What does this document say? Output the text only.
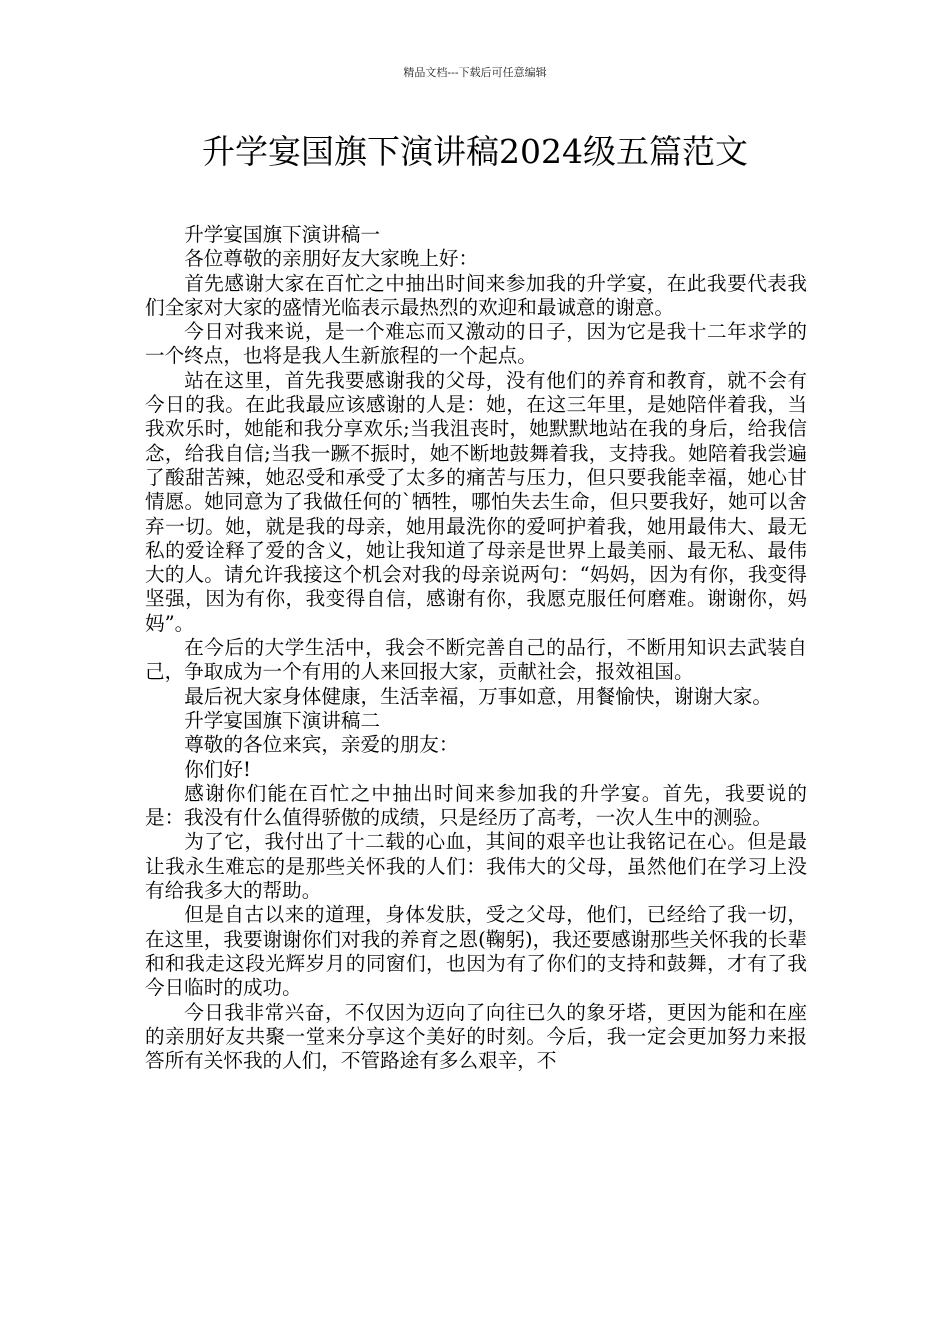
精品文档---下载后可任意编辑
升学宴国旗下演讲稿2024级五篇范文

升学宴国旗下演讲稿一

各位尊敬的亲朋好友大家晚上好：

首先感谢大家在百忙之中抽出时间来参加我的升学宴，在此我要代表我们全家对大家的盛情光临表示最热烈的欢迎和最诚意的谢意。

今日对我来说，是一个难忘而又激动的日子，因为它是我十二年求学的一个终点，也将是我人生新旅程的一个起点。

站在这里，首先我要感谢我的父母，没有他们的养育和教育，就不会有今日的我。在此我最应该感谢的人是：她，在这三年里，是她陪伴着我，当我欢乐时，她能和我分享欢乐;当我沮丧时，她默默地站在我的身后，给我信念，给我自信;当我一蹶不振时，她不断地鼓舞着我，支持我。她陪着我尝遍了酸甜苦辣，她忍受和承受了太多的痛苦与压力，但只要我能幸福，她心甘情愿。她同意为了我做任何的`牺牲，哪怕失去生命，但只要我好，她可以舍弃一切。她，就是我的母亲，她用最洗你的爱呵护着我，她用最伟大、最无私的爱诠释了爱的含义，她让我知道了母亲是世界上最美丽、最无私、最伟大的人。请允许我接这个机会对我的母亲说两句：“妈妈，因为有你，我变得坚强，因为有你，我变得自信，感谢有你，我愿克服任何磨难。谢谢你，妈妈”。

在今后的大学生活中，我会不断完善自己的品行，不断用知识去武装自己，争取成为一个有用的人来回报大家，贡献社会，报效祖国。

最后祝大家身体健康，生活幸福，万事如意，用餐愉快，谢谢大家。

升学宴国旗下演讲稿二

尊敬的各位来宾，亲爱的朋友：

你们好!

感谢你们能在百忙之中抽出时间来参加我的升学宴。首先，我要说的是：我没有什么值得骄傲的成绩，只是经历了高考，一次人生中的测验。

为了它，我付出了十二载的心血，其间的艰辛也让我铭记在心。但是最让我永生难忘的是那些关怀我的人们：我伟大的父母，虽然他们在学习上没有给我多大的帮助。

但是自古以来的道理，身体发肤，受之父母，他们，已经给了我一切，在这里，我要谢谢你们对我的养育之恩(鞠躬)，我还要感谢那些关怀我的长辈和和我走这段光辉岁月的同窗们，也因为有了你们的支持和鼓舞，才有了我今日临时的成功。

今日我非常兴奋，不仅因为迈向了向往已久的象牙塔，更因为能和在座的亲朋好友共聚一堂来分享这个美好的时刻。今后，我一定会更加努力来报答所有关怀我的人们，不管路途有多么艰辛，不
